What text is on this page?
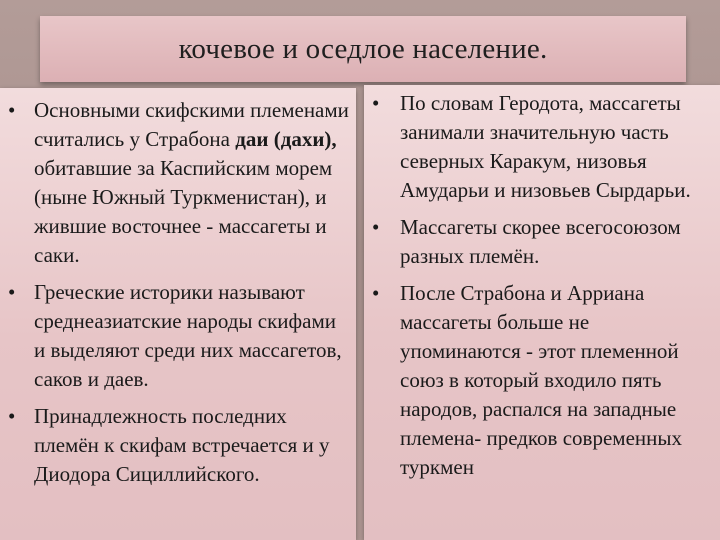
кочевое и оседлое население.
• Основными скифскими племенами считались у Страбона даи (дахи), обитавшие за Каспийским морем (ныне Южный Туркменистан), и жившие восточнее - массагеты и саки.
• Греческие историки называют среднеазиатские народы скифами и выделяют среди них массагетов, саков и даев.
• Принадлежность последних племён к скифам встречается и у Диодора Сициллийского.
• По словам Геродота, массагеты занимали значительную часть северных Каракум, низовья Амударьи и низовьев Сырдарьи.
• Массагеты скорее всегосоюзом разных племён.
• После Страбона и Арриана массагеты больше не упоминаются - этот племенной союз в который входило пять народов, распался на западные племена- предков современных туркмен
